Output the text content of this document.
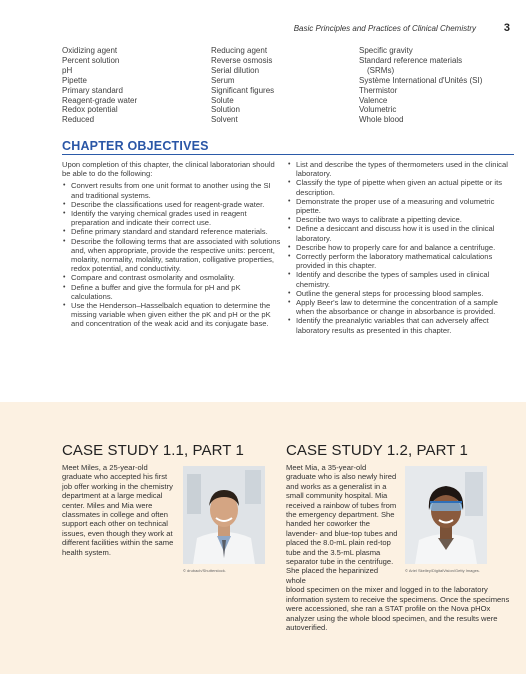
Basic Principles and Practices of Clinical Chemistry	3
Oxidizing agent
Percent solution
pH
Pipette
Primary standard
Reagent-grade water
Redox potential
Reduced
Reducing agent
Reverse osmosis
Serial dilution
Serum
Significant figures
Solute
Solution
Solvent
Specific gravity
Standard reference materials
(SRMs)
Système International d'Unités (SI)
Thermistor
Valence
Volumetric
Whole blood
CHAPTER OBJECTIVES

Upon completion of this chapter, the clinical laboratorian should be able to do the following:

• Convert results from one unit format to another using the SI and traditional systems.
• Describe the classifications used for reagent-grade water.
• Identify the varying chemical grades used in reagent preparation and indicate their correct use.
• Define primary standard and standard reference materials.
• Describe the following terms that are associated with solutions and, when appropriate, provide the respective units: percent, molarity, normality, molality, saturation, colligative properties, redox potential, and conductivity.
• Compare and contrast osmolarity and osmolality.
• Define a buffer and give the formula for pH and pK calculations.
• Use the Henderson–Hasselbalch equation to determine the missing variable when given either the pK and pH or the pK and concentration of the weak acid and its conjugate base.
• List and describe the types of thermometers used in the clinical laboratory.
• Classify the type of pipette when given an actual pipette or its description.
• Demonstrate the proper use of a measuring and volumetric pipette.
• Describe two ways to calibrate a pipetting device.
• Define a desiccant and discuss how it is used in the clinical laboratory.
• Describe how to properly care for and balance a centrifuge.
• Correctly perform the laboratory mathematical calculations provided in this chapter.
• Identify and describe the types of samples used in clinical chemistry.
• Outline the general steps for processing blood samples.
• Apply Beer's law to determine the concentration of a sample when the absorbance or change in absorbance is provided.
• Identify the preanalytic variables that can adversely affect laboratory results as presented in this chapter.
CASE STUDY 1.1, PART 1

Meet Miles, a 25-year-old graduate who accepted his first job offer working in the chemistry department at a large medical center. Miles and Mia were classmates in college and often support each other on technical issues, even though they work at different facilities within the same health system.

© drubach/Shutterstock.
CASE STUDY 1.2, PART 1

Meet Mia, a 35-year-old graduate who is also newly hired and works as a generalist in a small community hospital. Mia received a rainbow of tubes from the emergency department. She handed her coworker the lavender- and blue-top tubes and placed the 8.0-mL plain red-top tube and the 3.5-mL plasma separator tube in the centrifuge. She placed the heparinized whole

blood specimen on the mixer and logged in to the laboratory information system to receive the specimens. Once the specimens were accessioned, she ran a STAT profile on the Nova pHOx analyzer using the whole blood specimen, and the results were autoverified.

© Ariel Skelley/DigitalVision/Getty Images.
